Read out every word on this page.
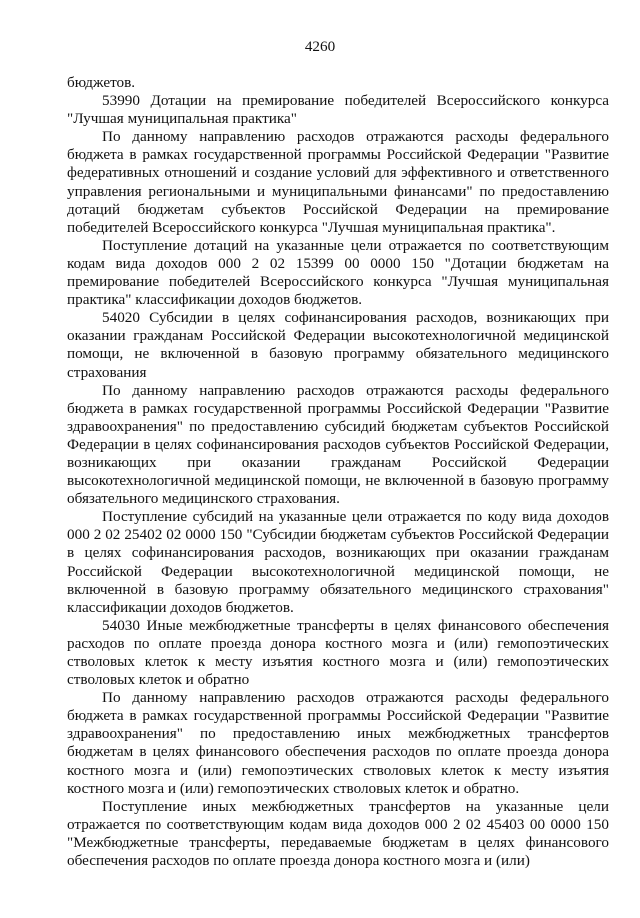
4260

бюджетов.

53990 Дотации на премирование победителей Всероссийского конкурса "Лучшая муниципальная практика"

По данному направлению расходов отражаются расходы федерального бюджета в рамках государственной программы Российской Федерации "Развитие федеративных отношений и создание условий для эффективного и ответственного управления региональными и муниципальными финансами" по предоставлению дотаций бюджетам субъектов Российской Федерации на премирование победителей Всероссийского конкурса "Лучшая муниципальная практика".

Поступление дотаций на указанные цели отражается по соответствующим кодам вида доходов 000 2 02 15399 00 0000 150 "Дотации бюджетам на премирование победителей Всероссийского конкурса "Лучшая муниципальная практика" классификации доходов бюджетов.

54020 Субсидии в целях софинансирования расходов, возникающих при оказании гражданам Российской Федерации высокотехнологичной медицинской помощи, не включенной в базовую программу обязательного медицинского страхования

По данному направлению расходов отражаются расходы федерального бюджета в рамках государственной программы Российской Федерации "Развитие здравоохранения" по предоставлению субсидий бюджетам субъектов Российской Федерации в целях софинансирования расходов субъектов Российской Федерации, возникающих при оказании гражданам Российской Федерации высокотехнологичной медицинской помощи, не включенной в базовую программу обязательного медицинского страхования.

Поступление субсидий на указанные цели отражается по коду вида доходов 000 2 02 25402 02 0000 150 "Субсидии бюджетам субъектов Российской Федерации в целях софинансирования расходов, возникающих при оказании гражданам Российской Федерации высокотехнологичной медицинской помощи, не включенной в базовую программу обязательного медицинского страхования" классификации доходов бюджетов.

54030 Иные межбюджетные трансферты в целях финансового обеспечения расходов по оплате проезда донора костного мозга и (или) гемопоэтических стволовых клеток к месту изъятия костного мозга и (или) гемопоэтических стволовых клеток и обратно

По данному направлению расходов отражаются расходы федерального бюджета в рамках государственной программы Российской Федерации "Развитие здравоохранения" по предоставлению иных межбюджетных трансфертов бюджетам в целях финансового обеспечения расходов по оплате проезда донора костного мозга и (или) гемопоэтических стволовых клеток к месту изъятия костного мозга и (или) гемопоэтических стволовых клеток и обратно.

Поступление иных межбюджетных трансфертов на указанные цели отражается по соответствующим кодам вида доходов 000 2 02 45403 00 0000 150 "Межбюджетные трансферты, передаваемые бюджетам в целях финансового обеспечения расходов по оплате проезда донора костного мозга и (или)
